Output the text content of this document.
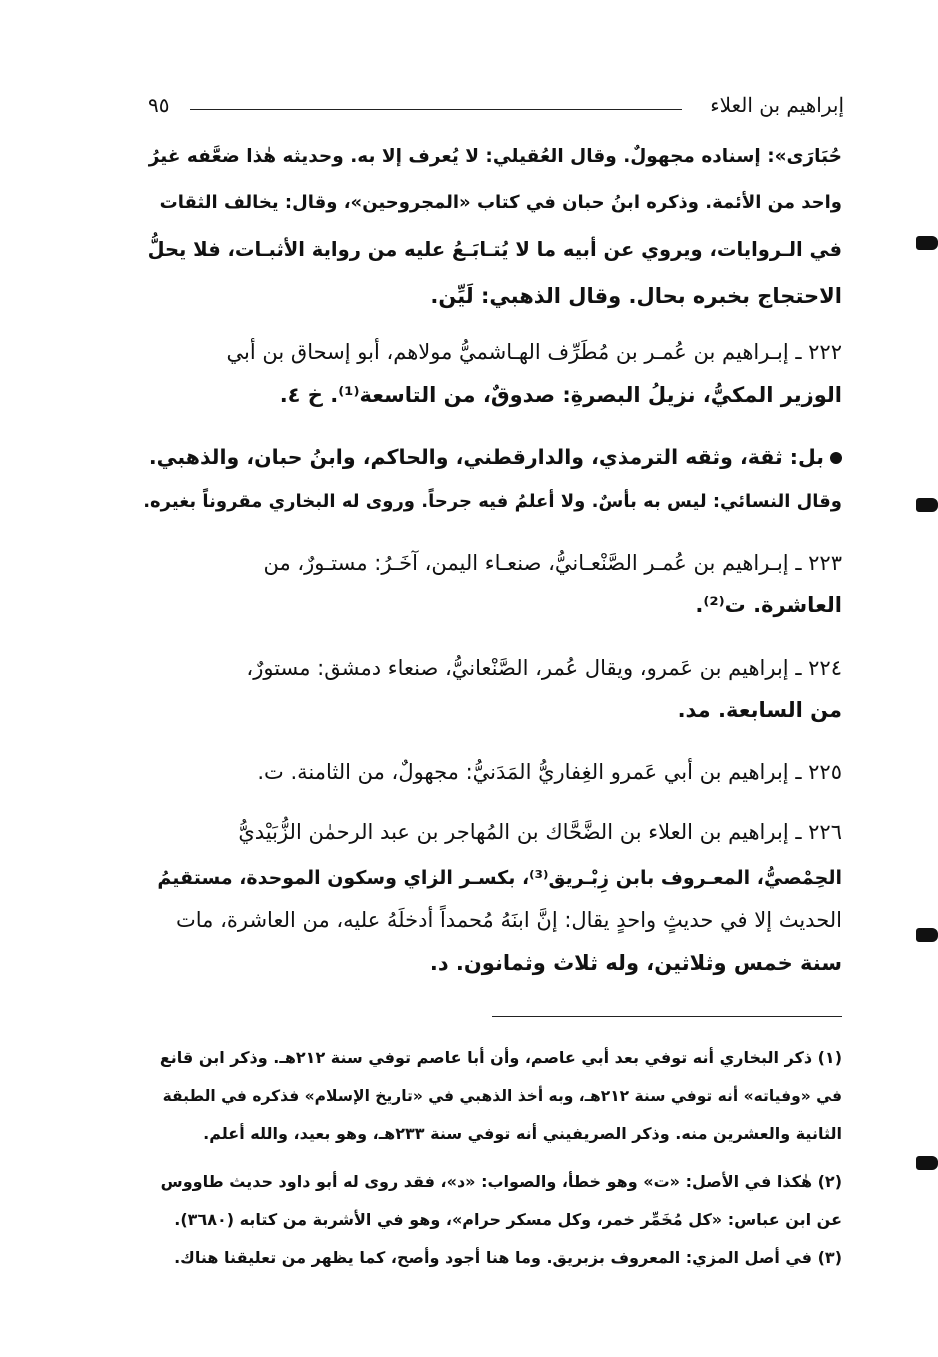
إبراهيم بن العلاء
٩٥
حُبَارَى»: إسناده مجهولٌ. وقال العُقيلي: لا يُعرف إلا به. وحديثه هٰذا ضعَّفه غيرُ
واحد من الأئمة. وذكره ابنُ حبان في كتاب «المجروحين»، وقال: يخالف الثقات
في الـروايات، ويروي عن أبيه ما لا يُتـابَـعُ عليه من رواية الأثبـات، فلا يحلُّ
الاحتجاج بخبره بحال. وقال الذهبي: لَيِّن.
٢٢٢ ـ إبـراهيم بن عُمـر بن مُطَرِّف الهـاشميُّ مولاهم، أبو إسحاق بن أبي
الوزير المكيُّ، نزيلُ البصرةِ: صدوقٌ، من التاسعة⁽¹⁾. خ ٤.
بل: ثقة، وثقه الترمذي، والدارقطني، والحاكم، وابنُ حبان، والذهبي.
وقال النسائي: ليس به بأسٌ. ولا أعلمُ فيه جرحاً. وروى له البخاري مقروناً بغيره.
٢٢٣ ـ إبـراهيم بن عُمـر الصَّنْعـانيُّ، صنعـاء اليمن، آخَـرُ: مستـورٌ، من
العاشرة. ت⁽²⁾.
٢٢٤ ـ إبراهيم بن عَمرو، ويقال عُمر، الصَّنْعانيُّ، صنعاء دمشق: مستورٌ،
من السابعة. مد.
٢٢٥ ـ إبراهيم بن أبي عَمرو الغِفاريُّ المَدَنيُّ: مجهولٌ، من الثامنة. ت.
٢٢٦ ـ إبراهيم بن العلاء بن الضَّحَّاك بن المُهاجر بن عبد الرحمٰن الزُّبَيْديُّ
الحِمْصيُّ، المعـروف بابن زِبْـريق⁽³⁾، بكسـر الزاي وسكون الموحدة، مستقيمُ
الحديث إلا في حديثٍ واحدٍ يقال: إنَّ ابنَهُ مُحمداً أدخلَهُ عليه، من العاشرة، مات
سنة خمس وثلاثين، وله ثلاث وثمانون. د.
(١) ذكر البخاري أنه توفي بعد أبي عاصم، وأن أبا عاصم توفي سنة ٢١٢هـ. وذكر ابن قانع
في «وفياته» أنه توفي سنة ٢١٢هـ، وبه أخذ الذهبي في «تاريخ الإسلام» فذكره في الطبقة
الثانية والعشرين منه. وذكر الصريفيني أنه توفي سنة ٢٣٣هـ، وهو بعيد، والله أعلم.
(٢) هٰكذا في الأصل: «ت» وهو خطأ، والصواب: «د»، فقد روى له أبو داود حديث طاووس
عن ابن عباس: «كل مُخَمِّر خمر، وكل مسكر حرام»، وهو في الأشربة من كتابه (٣٦٨٠).
(٣) في أصل المزي: المعروف بزبريق. وما هنا أجود وأصح، كما يظهر من تعليقنا هناك.
